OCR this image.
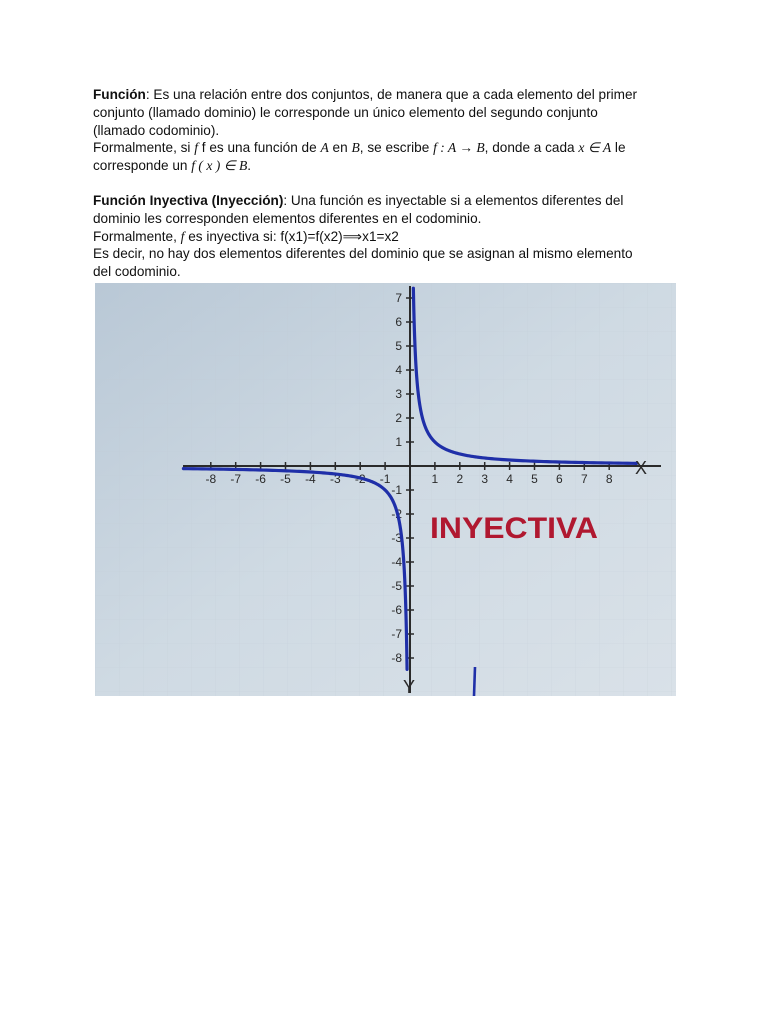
Función: Es una relación entre dos conjuntos, de manera que a cada elemento del primer
conjunto (llamado dominio) le corresponde un único elemento del segundo conjunto
(llamado codominio).
Formalmente, si f f es una función de A en B, se escribe f : A → B, donde a cada x ∈ A le
corresponde un f ( x ) ∈ B.
Función Inyectiva (Inyección): Una función es inyectable si a elementos diferentes del
dominio les corresponden elementos diferentes en el codominio.
Formalmente, f es inyectiva si: f(x1)=f(x2)⟹x1=x2
Es decir, no hay dos elementos diferentes del dominio que se asignan al mismo elemento
del codominio.
-8 -7 -6 -5 -4 -3 -2 -1	1 2 3 4 5 6 7 8
7
6
5
4
3
2
1
-1
-2
-3
-4
-5
-6
-7
-8
X
Y
INYECTIVA
